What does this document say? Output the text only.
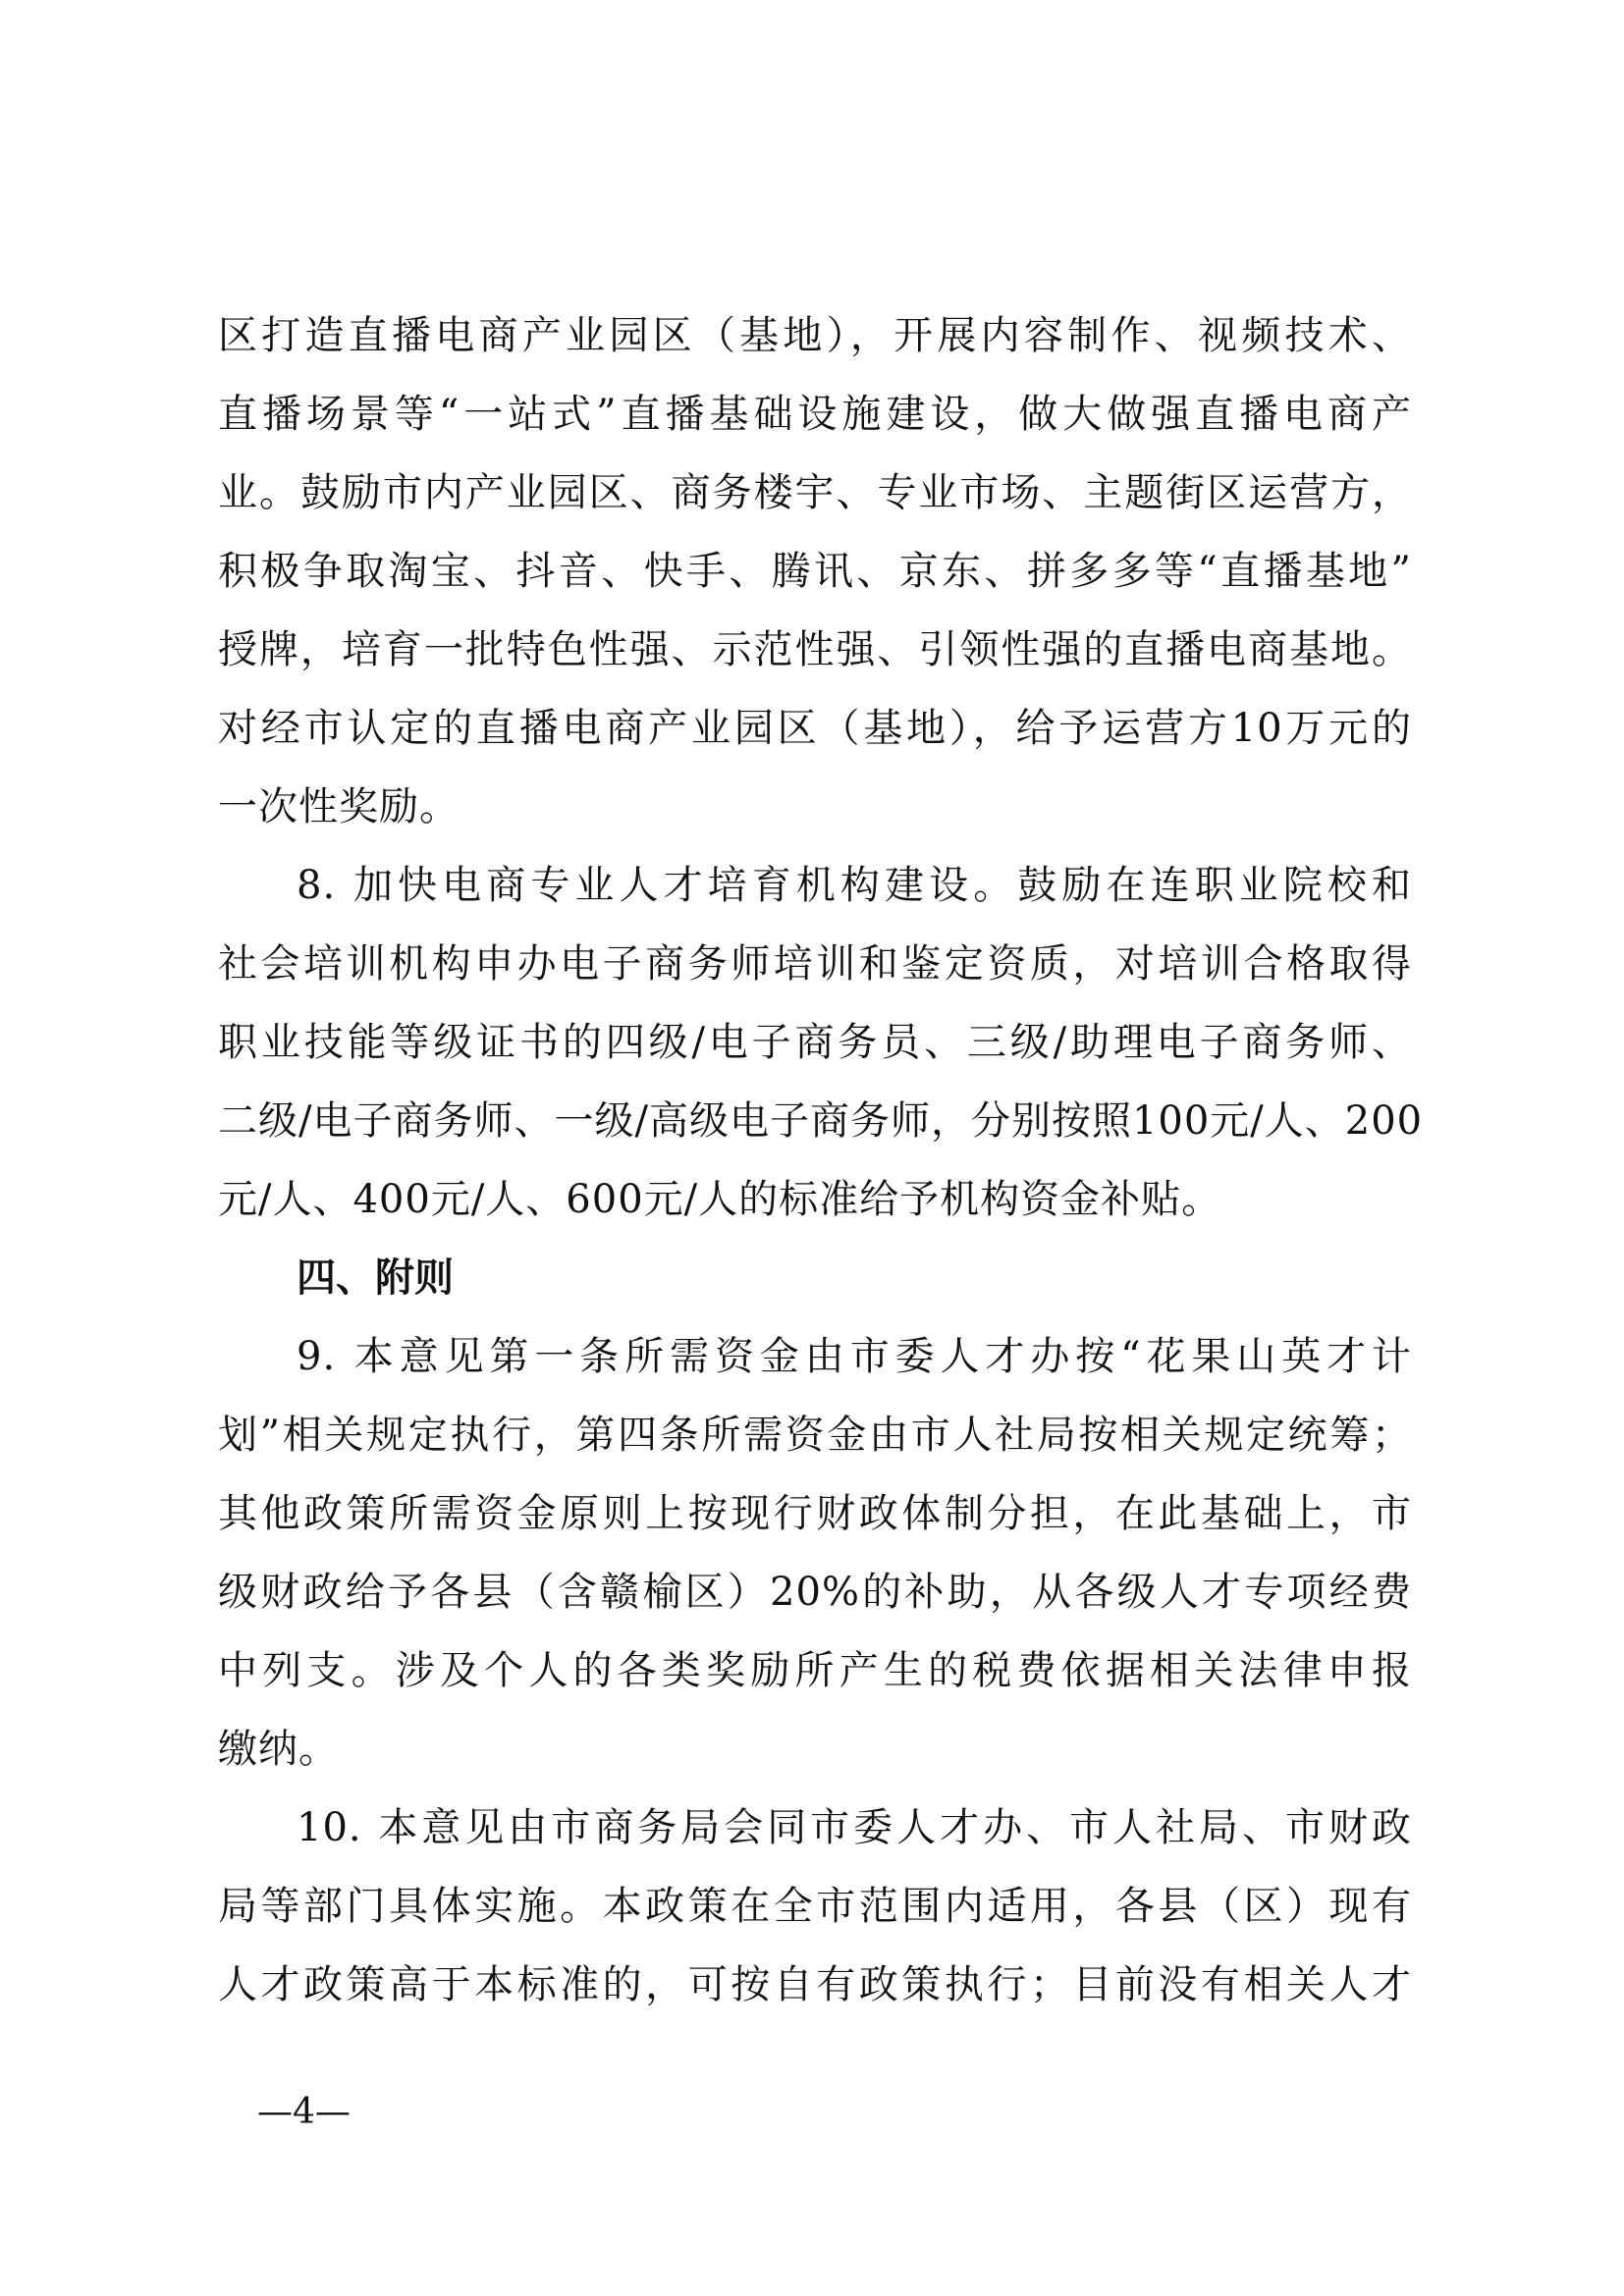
区打造直播电商产业园区（基地），开展内容制作、视频技术、
直播场景等“一站式”直播基础设施建设，做大做强直播电商产
业。鼓励市内产业园区、商务楼宇、专业市场、主题街区运营方，
积极争取淘宝、抖音、快手、腾讯、京东、拼多多等“直播基地”
授牌，培育一批特色性强、示范性强、引领性强的直播电商基地。
对经市认定的直播电商产业园区（基地），给予运营方10万元的
一次性奖励。
8. 加快电商专业人才培育机构建设。鼓励在连职业院校和
社会培训机构申办电子商务师培训和鉴定资质，对培训合格取得
职业技能等级证书的四级/电子商务员、三级/助理电子商务师、
二级/电子商务师、一级/高级电子商务师，分别按照100元/人、200
元/人、400元/人、600元/人的标准给予机构资金补贴。
四、附则
9. 本意见第一条所需资金由市委人才办按“花果山英才计
划”相关规定执行，第四条所需资金由市人社局按相关规定统筹；
其他政策所需资金原则上按现行财政体制分担，在此基础上，市
级财政给予各县（含赣榆区）20%的补助，从各级人才专项经费
中列支。涉及个人的各类奖励所产生的税费依据相关法律申报
缴纳。
10. 本意见由市商务局会同市委人才办、市人社局、市财政
局等部门具体实施。本政策在全市范围内适用，各县（区）现有
人才政策高于本标准的，可按自有政策执行；目前没有相关人才
—4—
